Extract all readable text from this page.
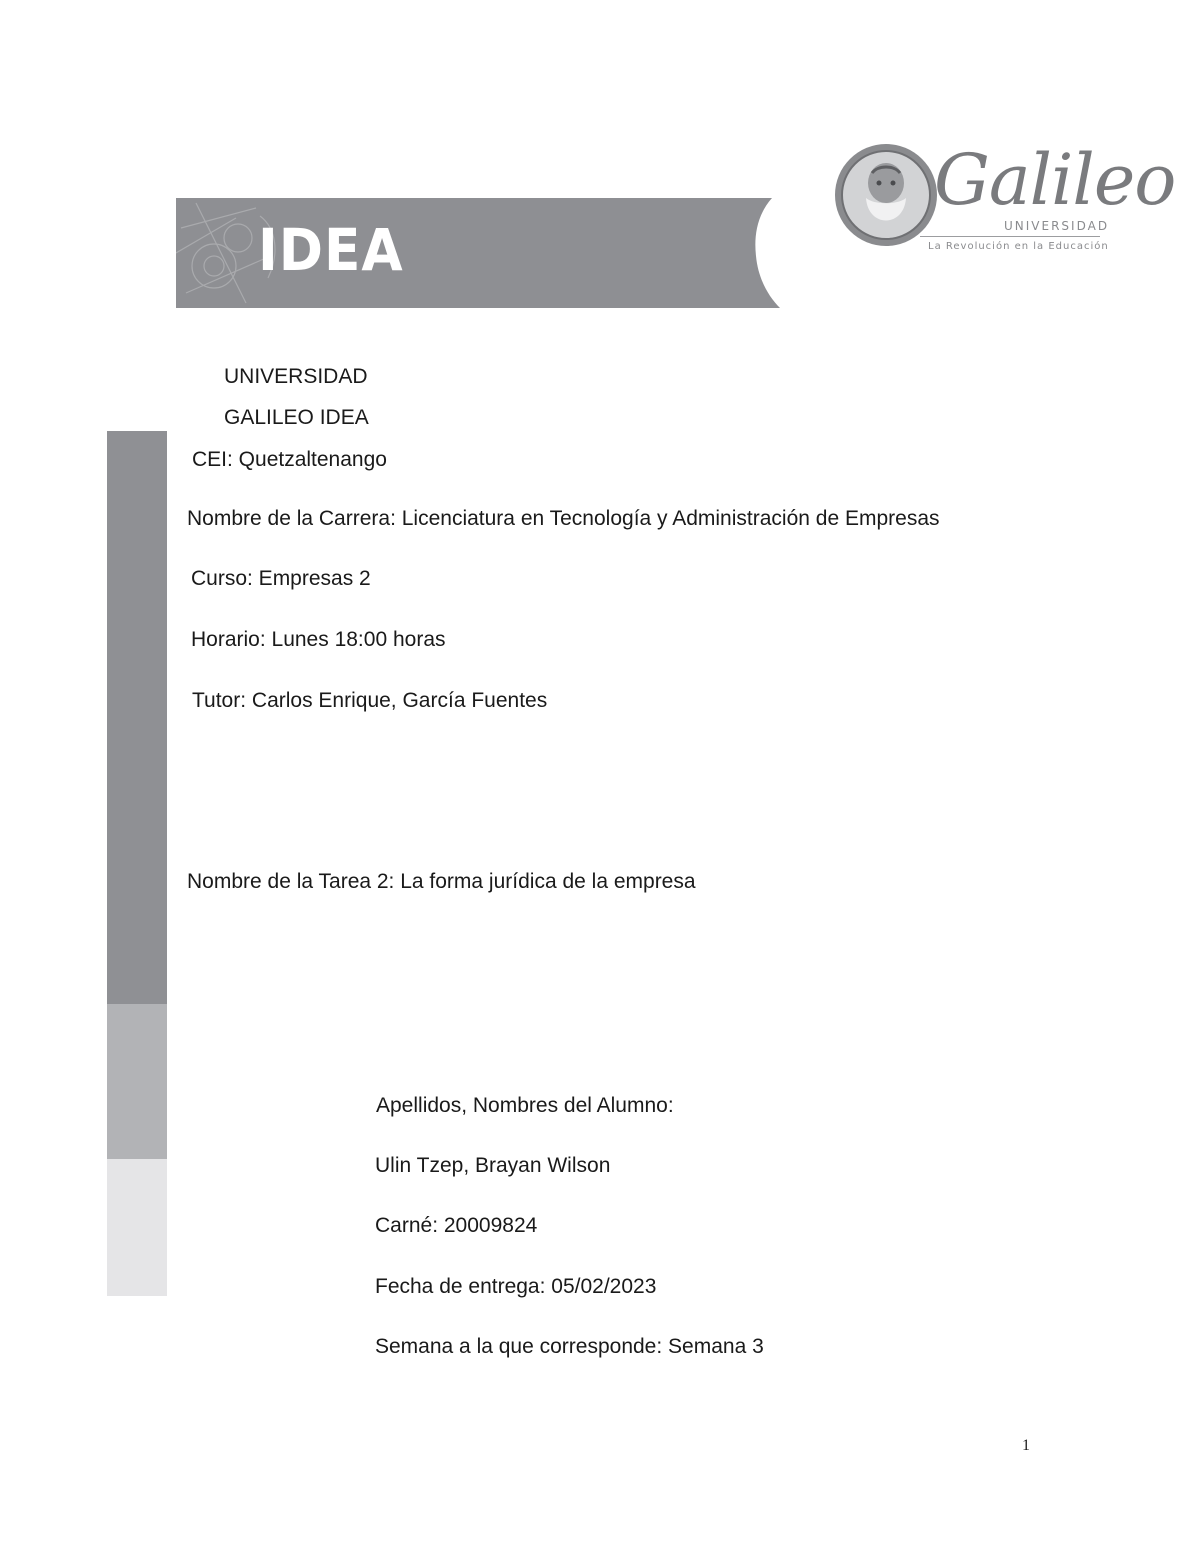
IDEA
Galileo
UNIVERSIDAD
La Revolución en la Educación
UNIVERSIDAD
GALILEO IDEA
CEI: Quetzaltenango
Nombre de la Carrera: Licenciatura en Tecnología y Administración de Empresas
Curso: Empresas 2
Horario: Lunes 18:00 horas
Tutor: Carlos Enrique, García Fuentes
Nombre de la Tarea 2: La forma jurídica de la empresa
Apellidos, Nombres del Alumno:
Ulin Tzep, Brayan Wilson
Carné: 20009824
Fecha de entrega: 05/02/2023
Semana a la que corresponde: Semana 3
1
